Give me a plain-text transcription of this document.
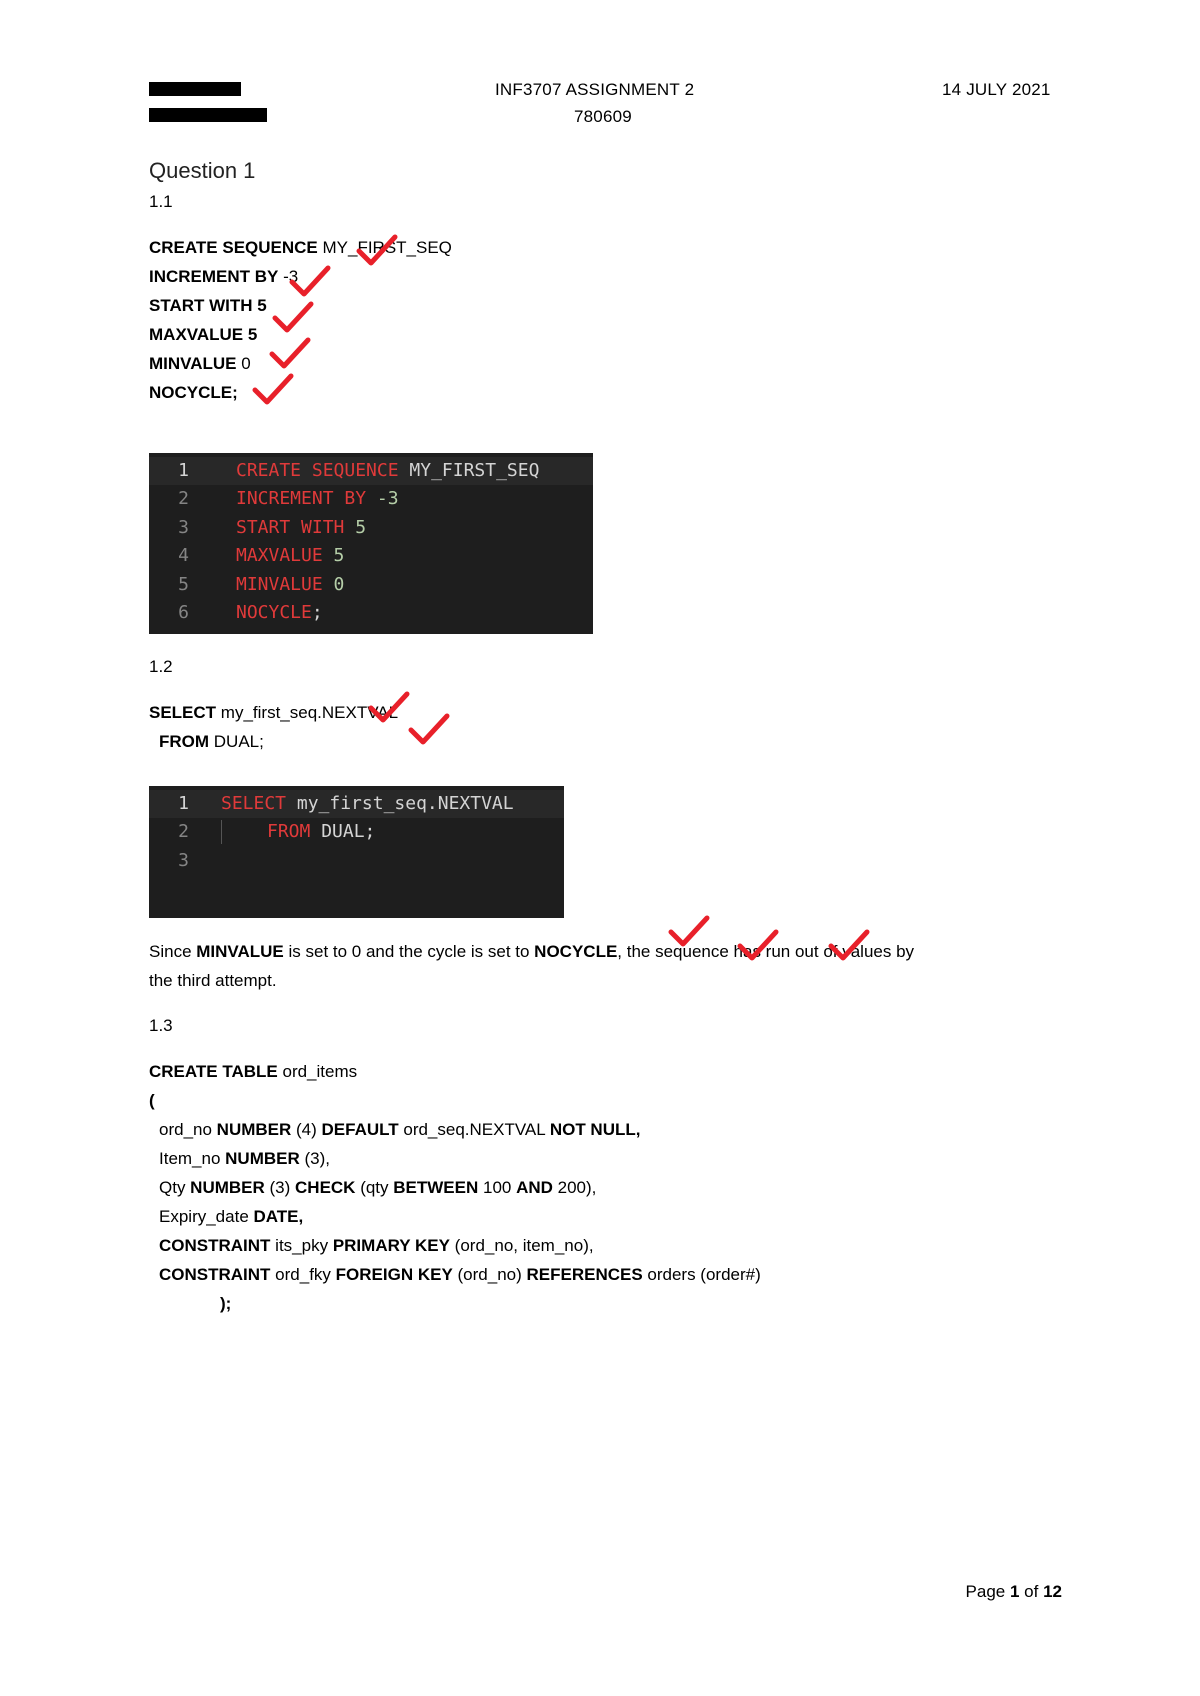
INF3707 ASSIGNMENT 2
780609
14 JULY 2021
Question 1
1.1
CREATE SEQUENCE MY_FIRST_SEQ
INCREMENT BY -3
START WITH 5
MAXVALUE 5
MINVALUE 0
NOCYCLE;
1	CREATE SEQUENCE MY_FIRST_SEQ
2	INCREMENT BY -3
3	START WITH 5
4	MAXVALUE 5
5	MINVALUE 0
6	NOCYCLE;
1.2
SELECT my_first_seq.NEXTVAL
FROM DUAL;
1 SELECT my_first_seq.NEXTVAL
2	FROM DUAL;
3
Since MINVALUE is set to 0 and the cycle is set to NOCYCLE, the sequence has run out of values by
the third attempt.
1.3
CREATE TABLE ord_items
(
ord_no NUMBER (4) DEFAULT ord_seq.NEXTVAL NOT NULL,
Item_no NUMBER (3),
Qty NUMBER (3) CHECK (qty BETWEEN 100 AND 200),
Expiry_date DATE,
CONSTRAINT its_pky PRIMARY KEY (ord_no, item_no),
CONSTRAINT ord_fky FOREIGN KEY (ord_no) REFERENCES orders (order#)
);
Page 1 of 12
